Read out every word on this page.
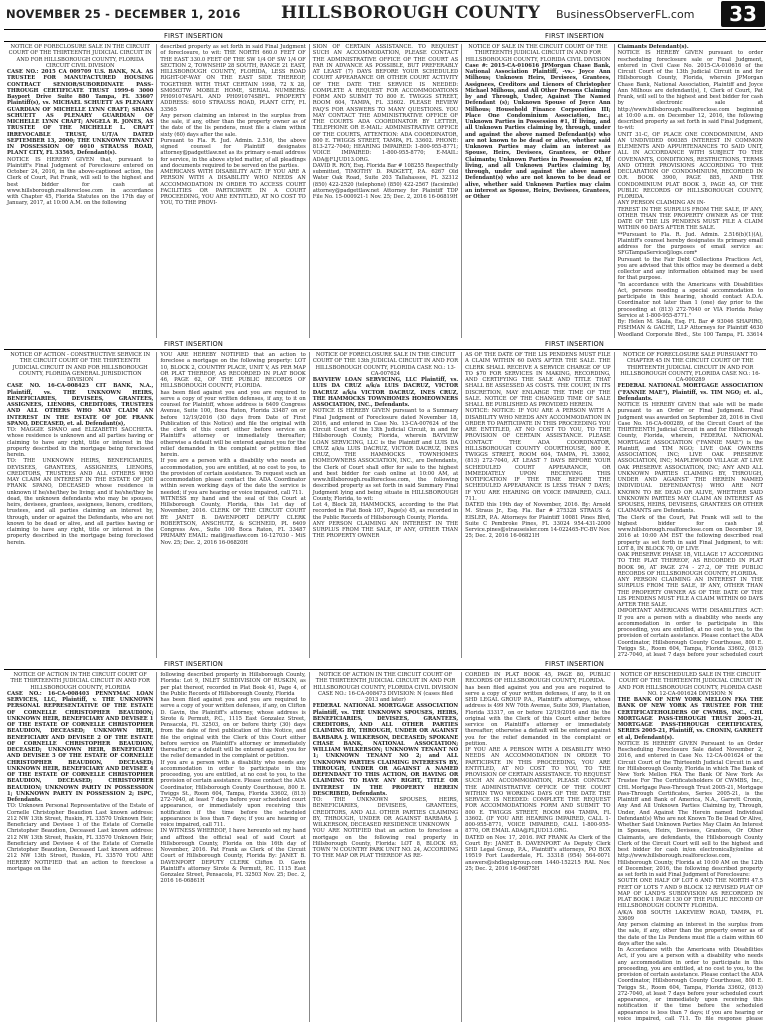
NOVEMBER 25 - DECEMBER 1, 2016 HILLSBOROUGH COUNTY BusinessObserverFL.com	33
FIRST INSERTION	FIRST INSERTION

NOTICE OF FORECLOSURE SALE IN THE CIRCUIT COURT OF THE THIRTEENTH JUDICIAL CIRCUIT IN AND FOR HILLSBOROUGH COUNTY, FLORIDA CIRCUIT CIVIL DIVISION

CASE NO.: 2015 CA 009709 U.S. BANK, N.A. AS TRUSTEE FOR MANUFACTURED HOUSING CONTRACT SENIOR/SUBORDINATE PASS-THROUGH CERTIFICATE TRUST 1999-6 3000 Bayport Drive Suite 880 Tampa, FL 33607 Plaintiff(s), vs. MICHAEL SCHUETT AS PLENARY GUARDIAN OF MICHELLE LYNN CRAFT; SHANA SCHUETT AS PLENARY GUARDIAN OF MICHELLE LYNN CRAFT; ANGELA R. JONES, AS TRUSTEE OF THE MICHELLE L. CRAFT IRREVOCABLE TRUST, U/T/A DATED SEPTEMBER 13, 2000; THE UNKNOWN TENANT IN POSSESSION OF 6010 STRAUSS ROAD, PLANT CITY, FL 33565, Defendant(s).

NOTICE IS HEREBY GIVEN that, pursuant to Plaintiff's Final Judgment of Foreclosure entered on October 24, 2016, in the above-captioned action, the Clerk of Court, Pat Frank, will sell to the highest and best bidder for cash at www.hillsborough.realforeclose.com in accordance with Chapter 45, Florida Statutes on the 17th day of January, 2017, at 10:00 A.M. on the following

described property as set forth in said Final Judgment of foreclosure, to wit: THE NORTH 660.0 FEET OF THE EAST 330.0 FEET OF THE SW 1/4 OF SW 1/4 OF SECTION 2, TOWNSHIP 28 SOUTH, RANGE 21 EAST, HILLSBOROUGH COUNTY, FLORIDA, LESS ROAD RIGHT-OF-WAY ON THE EAST SIDE THEREOF, TOGETHER WITH THAT CERTAIN 1998, 72 X 28, SM0563TW MOBILE HOME, SERIAL NUMBERS: PH091074SAFL AND PH091074SBFL. PROPERTY ADDRESS: 6010 STRAUSS ROAD, PLANT CITY, FL 33565

Any person claiming an interest in the surplus from the sale, if any, other than the property owner as of the date of the lis pendens, must file a claim within sixty (60) days after the sale.

Pursuant to Fla. R. Jud. Admin. 2.516, the above signed counsel for Plaintiff designates attorney@padgettlaw.net as its primary e-mail address for service, in the above styled matter, of all pleadings and documents required to be served on the parties.

AMERICANS WITH DISABILITY ACT: IF YOU ARE A PERSON WITH A DISABILITY WHO NEEDS AN ACCOMMODATION IN ORDER TO ACCESS COURT FACILITIES OR PARTICIPATE IN A COURT PROCEEDING, YOU ARE ENTITLED, AT NO COST TO YOU, TO THE PROVI-

SION OF CERTAIN ASSISTANCE. TO REQUEST SUCH AN ACCOMMODATION, PLEASE CONTACT THE ADMINISTRATIVE OFFICE OF THE COURT AS FAR IN ADVANCE AS POSSIBLE, BUT PREFERABLY AT LEAST (7) DAYS BEFORE YOUR SCHEDULED COURT APPEARANCE OR OTHER COURT ACTIVITY OF THE DATE THE SERVICE IS NEEDED: COMPLETE A REQUEST FOR ACCOMMODATIONS FORM AND SUBMIT TO 800 E. TWIGGS STREET, ROOM 604, TAMPA, FL 33602. PLEASE REVIEW FAQ'S FOR ANSWERS TO MANY QUESTIONS. YOU MAY CONTACT THE ADMINISTRATIVE OFFICE OF THE COURTS ADA COORDINATOR BY LETTER, TELEPHONE OR E-MAIL: ADMINISTRATIVE OFFICE OF THE COURTS, ATTENTION: ADA COORDINATOR, 800 E. TWIGGS STREET, TAMPA, FL 33602. PHONE: 813-272-7040; HEARING IMPAIRED: 1-800-955-8771; VOICE IMPAIRED: 1-800-955-8770; E-MAIL: ADA@FLJUD13.ORG.

DAVID R. ROY, Esq. Florida Bar # 108255 Respectfully submitted, TIMOTHY D. PADGETT, P.A. 6267 Old Water Oak Road, Suite 203 Tallahassee, FL 32312 (850) 422-2520 (telephone) (850) 422-2567 (facsimile) attorney@padgettlaw.net Attorney for Plaintiff TDP File No. 15-000921-1 Nov. 25; Dec. 2, 2016 16-06819H

NOTICE OF SALE IN THE CIRCUIT COURT OF THE THIRTEENTH JUDICIAL CIRCUIT IN AND FOR HILLSBOROUGH COUNTY, FLORIDA CIVIL DIVISION

Case #: 2015-CA-010616 JPMorgan Chase Bank, National Association Plaintiff, -vs.- Joyce Ann Milhous; Unknown Heirs, Devisees, Grantees, Assignees, Creditors and Lienors of Christopher Michael Milhous, and All Other Persons Claiming by and Through, Under, Against The Named Defendant (s); Unknown Spouse of Joyce Ann Milhous; Household Finance Corporation III; Place One Condominium Association, Inc.; Unknown Parties in Possession #1, If living, and all Unknown Parties claiming by, through, under and against the above named Defendant(s) who are not known to be dead or alive, whether said Unknown Parties may claim an interest as Spouse, Heirs, Devisees, Grantees, or Other Claimants; Unknown Parties in Possession #2, If living, and all Unknown Parties claiming by, through, under and against the above named Defendant(s) who are not known to be dead or alive, whether said Unknown Parties may claim an interest as Spouse, Heirs, Devisees, Grantees, or Other

Claimants Defendant(s).

NOTICE IS HEREBY GIVEN pursuant to order rescheduling foreclosure sale or Final Judgment, entered in Civil Case No. 2015-CA-010616 of the Circuit Court of the 13th Judicial Circuit in and for Hillsborough County, Florida, wherein JPMorgan Chase Bank, National Association, Plaintiff and Joyce Ann Milhous are defendant(s), I, Clerk of Court, Pat Frank, will sell to the highest and best bidder for cash by electronic sale at http://www.hillsborough.realforeclose.com beginning at 10:00 a.m. on December 12, 2016, the following described property as set forth in said Final Judgment, to-wit:

UNIT 31-C, OF PLACE ONE CONDOMINIUM, AND AN UNDIVIDED 000385 INTEREST IN COMMON ELEMENTS AND APPURTENANCES TO SAID UNIT, ALL IN ACCORDANCE WITH SUBJECT TO THE COVENANTS, CONDITIONS, RESTRICTIONS, TERMS AND OTHER PROVISIONS ACCORDING TO THE DECLARATION OF CONDOMINIUM, RECORDED IN O.R. BOOK 3900, PAGE 885, AND THE CONDOMINIUM PLAT BOOK 3, PAGE 45, OF THE PUBLIC RECORDS OF HILLSBOROUGH COUNTY, FLORIDA.

ANY PERSON CLAIMING AN IN-

TEREST IN THE SURPLUS FROM THE SALE, IF ANY, OTHER THAN THE PROPERTY OWNER AS OF THE DATE OF THE LIS PENDENS MUST FILE A CLAIM WITHIN 60 DAYS AFTER THE SALE.

**Pursuant to Fla. R. Jud. Admin. 2.516(b)(1)(A), Plaintiff's counsel hereby designates its primary email address for the purposes of email service as: SFGTampaService@logs.com*

Pursuant to the Fair Debt Collections Practices Act, you are advised that this office may be deemed a debt collector and any information obtained may be used for that purpose.

"In accordance with the Americans with Disabilities Act, persons needing a special accommodation to participate in this hearing, should contact A.D.A. Coordinator not later than 1 (one) day prior to the proceeding at (813) 272-7040 or VIA Florida Relay Service at 1-800-955-8771."

By: Helen M. Skala, Esq. FL Bar # 93046 SHAPIRO, FISHMAN & GACHE, LLP Attorneys for Plaintiff 4630 Woodland Corporate Blvd., Ste 100 Tampa, FL 33614

FIRST INSERTION	FIRST INSERTION

NOTICE OF ACTION - CONSTRUCTIVE SERVICE IN THE CIRCUIT COURT OF THE THIRTEENTH JUDICIAL CIRCUIT IN AND FOR HILLSBOROUGH COUNTY, FLORIDA GENERAL JURISDICTION DIVISION

CASE NO. 16-CA-008423 CIT BANK, N.A., Plaintiff, vs. THE UNKNOWN HEIRS, BENEFICIARIES, DEVISEES, GRANTEES, ASSIGNEES, LIENORS, CREDITORS, TRUSTEES AND ALL OTHERS WHO MAY CLAIM AN INTEREST IN THE ESTATE OF JOE FRANK SPANO, DECEASED, et. al. Defendant(s),

TO: MAGGIE SPANO and ELIZABETH SACCHETA. whose residence is unknown and all parties having or claiming to have any right, title or interest in the property described in the mortgage being foreclosed herein.

TO: THE UNKNOWN HEIRS, BENEFICIARIES, DEVISEES, GRANTEES, ASSIGNEES, LIENORS, CREDITORS, TRUSTEES AND ALL OTHERS WHO MAY CLAIM AN INTEREST IN THE ESTATE OF JOE FRANK SPANO, DECEASED whose residence is unknown if he/she/they be living; and if he/she/they be dead, the unknown defendants who may be spouses, heirs, devisees, grantees, assignees, lienors, creditors, trustees, and all parties claiming an interest by, through, under or against the Defendants, who are not known to be dead or alive, and all parties having or claiming to have any right, title or interest in the property described in the mortgage being foreclosed herein.

YOU ARE HEREBY NOTIFIED that an action to foreclose a mortgage on the following property: LOT 10, BLOCK 2, COUNTRY PLACE, UNIT V, AS PER MAP OR PLAT THEREOF, AS RECORDED IN PLAT BOOK 46, PAGE 62, OF THE PUBLIC RECORDS OF HILLSBOROUGH COUNTY, FLORIDA.

has been filed against you and you are required to serve a copy of your written defenses, if any, to it on counsel for Plaintiff, whose address is 6409 Congress Avenue, Suite 100, Boca Raton, Florida 33487 on or before 12/19/2016 (30 days from Date of First Publication of this Notice) and file the original with the clerk of this court either before service on Plaintiff's attorney or immediately thereafter; otherwise a default will be entered against you for the relief demanded in the complaint or petition filed herein.

If you are a person with a disability who needs an accommodation, you are entitled, at no cost to you, to the provision of certain assistance. To request such an accommodation please contact the ADA Coordinator within seven working days of the date the service is needed; if you are hearing or voice impaired, call 711.

WITNESS my hand and the seal of this Court at Hillsborough County, Florida, this 1st day of November, 2016. CLERK OF THE CIRCUIT COURT BY: JANET B. DAVENPORT DEPUTY CLERK ROBERTSON, ANSCHUTZ, & SCHNEID, PL 6409 Congress Ave., Suite 100 Boca Raton, FL 33487 PRIMARY EMAIL: mail@rasflaw.com 16-127030 - MiS Nov. 25; Dec. 2, 2016 16-06820H

NOTICE OF FORECLOSURE SALE IN THE CIRCUIT COURT OF THE 13th JUDICIAL CIRCUIT IN AND FOR HILLSBOROUGH COUNTY, FLORIDA CASE NO.: 13-CA-007624

BAYVIEW LOAN SERVICING, LLC Plaintiff, vs. LUIS DA CRUZ a/k/a LUIS DACRUZ, VICTOR DACRUZ a/k/a VICTOR DACRUZ, INES CRUZ, THE HAMMOCKS TOWNHOMES HOMEOWNERS ASSOCIATION, INC., Defendants.

NOTICE IS HEREBY GIVEN pursuant to a Summary Final Judgment of Foreclosure dated November 18, 2016, and entered in Case No. 13-CA-007624 of the Circuit Court of the 13th Judicial Circuit, in and for Hillsborough County, Florida, wherein BAYVIEW LOAN SERVICING, LLC is the Plaintiff and LUIS DA CRUZ a/k/a LUIS DACRUZ, VICTOR DACRUZ, INES CRUZ, THE HAMMOCKS TOWNHOMES HOMEOWNERS ASSOCIATION, INC., are Defendants, the Clerk of Court shall offer for sale to the highest and best bidder for cash online at 10:00 AM, at www.hillsborough.realforeclose.com, the following described property as set forth in said Summary Final Judgment lying and being situate in HILLSBOROUGH County, Florida, to wit:

Lot 4, Block 28, HAMMOCKS, according to the Plat recorded in Plat Book 107, Page(s) 45, as recorded in the Public Records of Hillsborough County, Florida.

ANY PERSON CLAIMING AN INTEREST IN THE SURPLUS FROM THE SALE, IF ANY, OTHER THAN THE PROPERTY OWNER

AS OF THE DATE OF THE LIS PENDENS MUST FILE A CLAIM WITHIN 60 DAYS AFTER THE SALE. THE CLERK SHALL RECEIVE A SERVICE CHARGE OF UP TO $70 FOR SERVICES IN MAKING, RECORDING, AND CERTIFYING THE SALE AND TITLE THAT SHALL BE ASSESSED AS COSTS. THE COURT, IN ITS DISCRETION, MAY ENLARGE THE TIME OF THE SALE. NOTICE OF THE CHANGED TIME OF SALE SHALL BE PUBLISHED AS PROVIDED HEREIN.

NOTICE: NOTICE: IF YOU ARE A PERSON WITH A DISABILITY WHO NEEDS ANY ACCOMMODATION IN ORDER TO PARTICIPATE IN THIS PROCEEDING YOU ARE ENTITLED, AT NO COST TO YOU, TO THE PROVISION OF CERTAIN ASSISTANCE. PLEASE CONTACT THE ADA COORDINATOR, HILLSBOROUGH COUNTY COURTHOUSE, 800 E. TWIGGS STREET, ROOM 604, TAMPA, FL 33602, (813) 272-7040, AT LEAST 7 DAYS BEFORE YOUR SCHEDULED COURT APPEARANCE, OR IMMEDIATELY UPON RECEIVING THIS NOTIFICATION IF THE TIME BEFORE THE SCHEDULED APPEARANCE IS LESS THAN 7 DAYS; IF YOU ARE HEARING OR VOICE IMPAIRED, CALL 711.

DATED this 19th day of November, 2016. By: Arnold M. Straus Jr., Esq. Fla. Bar # 275328 STRAUS & EISLER, P.A. Attorneys for Plaintiff 10081 Pines Blvd, Suite C Pembroke Pines, FL 33024 954-431-2000 Service.pines@strauseisler.com 14-022465-FC-BV Nov. 25; Dec. 2, 2016 16-06821H

NOTICE OF FORECLOSURE SALE PURSUANT TO CHAPTER 45 IN THE CIRCUIT COURT OF THE THIRTEENTH JUDICIAL CIRCUIT IN AND FOR HILLSBOROUGH COUNTY, FLORIDA CASE NO.: 16-CA-000289

FEDERAL NATIONAL MORTGAGE ASSOCIATION ("FANNIE MAE"), Plaintiff, vs. TIM NGO; et. al., Defendants.

NOTICE IS HEREBY GIVEN that sale will be made pursuant to an Order or Final Judgment. Final Judgment was awarded on September 28, 2016 in Civil Case No. 16-CA-000289, of the Circuit Court of the THIRTEENTH Judicial Circuit in and for Hillsborough County, Florida, wherein, FEDERAL NATIONAL MORTGAGE ASSOCIATION ("FANNIE MAE") is the Plaintiff, and TIM NGO; LIVE OAK OWNERS ASSOCIATION, INC; LIVE OAK PRESERVE ASSOCIATION, INC; MAPLEWOOD VILLAGE AT LIVE OAK PRESERVE ASSOCIATION, INC; ANY AND ALL UNKNOWN PARTIES CLAIMING BY, THROUGH, UNDER AND AGAINST THE HEREIN NAMED INDIVIDUAL DEFENDANT(S) WHO ARE NOT KNOWN TO BE DEAD OR ALIVE, WHETHER SAID UNKNOWN PARTIES MAY CLAIM AN INTEREST AS SPOUSES, HEIRS, DEVISEES, GRANTEES OR OTHER CLAIMANTS are Defendants.

The Clerk of the Court, Pat Frank will sell to the highest bidder for cash at www.hillsborough.realforeclose.com on December 19, 2016 at 10:00 AM EST the following described real property as set forth in said Final Judgment, to wit: LOT 8, IN BLOCK 70, OF LIVE

OAK PRESERVE PHASE 1B, VILLAGE 17 ACCORDING TO THE PLAT THEREOF, AS RECORDED IN PLAT BOOK 96, AT PAGE 274 - 27.2, OF THE PUBLIC RECORDS OF HILLSBOROUGH COUNTY, FLORIDA.

ANY PERSON CLAIMING AN INTEREST IN THE SURPLUS FROM THE SALE, IF ANY, OTHER THAN THE PROPERTY OWNER AS OF THE DATE OF THE LIS PENDENS MUST FILE A CLAIM WITHIN 60 DAYS AFTER THE SALE.

IMPORTANT AMERICANS WITH DISABILITIES ACT: If you are a person with a disability who needs any accommodation in order to participate in this proceeding, you are entitled, at no cost to you, to the provision of certain assistance. Please contact the ADA Coordinator, Hillsborough County Courthouse, 800 E. Twiggs St., Room 604, Tampa, Florida 33602, (813) 272-7040, at least 7 days before your scheduled court

FIRST INSERTION	FIRST INSERTION

NOTICE OF ACTION IN THE CIRCUIT COURT OF THE THIRTEENTH JUDICIAL CIRCUIT IN AND FOR HILLSBOROUGH COUNTY, FLORIDA

CASE NO.: 16-CA-008403 PENNYMAC LOAN SERVICES, LLC, Plaintiff, v. THE UNKNOWN PERSONAL REPRESENTATIVE OF THE ESTATE OF CORNELLE CHRISTOPHER BEAUDION; UNKNOWN HEIR, BENEFICIARY AND DEVISEE 1 OF THE ESTATE OF CORNELLE CHRISTOPHER BEAUDION, DECEASED; UNKNOWN HEIR, BENEFICIARY AND DEVISEE 2 OF THE ESTATE OF CORNELLE CHRISTOPHER BEAUDION, DECEASED; UNKNOWN HEIR, BENEFICIARY AND DEVISEE 3 OF THE ESTATE OF CORNELLE CHRISTOPHER BEAUDION, DECEASED; UNKNOWN HEIR, BENEFICIARY AND DEVISEE 4 OF THE ESTATE OF CORNELLE CHRISTOPHER BEAUDION, DECEASED; CHRISTOPHER BEAUDION; UNKNOWN PARTY IN POSSESSION 1; UNKNOWN PARTY IN POSSESSION 2; ISPC, Defendants.

TO: Unknown Personal Representative of the Estate of Cornelle Christopher Beaudion Last known address: 212 NW 13th Street, Ruskin, FL 33570 Unknown Heir, Beneficiary and Devisee 1 of the Estate of Cornelle Christopher Beaudion, Deceased Last known address: 212 NW 13th Street, Ruskin, FL 33570 Unknown Heir, Beneficiary and Devisee 4 of the Estate of Cornelle Christopher Beaudion, Deceased Last known address: 212 NW 13th Street, Ruskin, FL 33570 YOU ARE HEREBY NOTIFIED that an action to foreclose a mortgage on the

following described property in Hillsborough County, Florida: Lot 9, INLET SUBDIVISION OF RUSKIN, as per plat thereof, recorded in Plat Book 41, Page 4, of the Public Records of Hillsborough County, Florida

has been filed against you and you are required to serve a copy of your written defenses, if any, on Clifton D. Gavin, the Plaintiff's attorney, whose address is Sirote & Permutt, P.C., 1115 East Gonzalez Street, Pensacola, FL 32503, on or before thirty (30) days from the date of first publication of this Notice, and file the original with the Clerk of this Court either before service on Plaintiff's attorney or immediately thereafter; or a default will be entered against you for the relief demanded in the complaint or petition.

If you are a person with a disability who needs any accommodation in order to participate in this proceeding, you are entitled, at no cost to you, to the provision of certain assistance. Please contact the ADA Coordinator, Hillsborough County Courthouse, 800 E. Twiggs St., Room 604, Tampa, Florida 33602, (813) 272-7040, at least 7 days before your scheduled court appearance, or immediately upon receiving this notification if the time before the scheduled appearance is less than 7 days; if you are hearing or voice impaired, call 711.

IN WITNESS WHEREOF, I have hereunto set my hand and affixed the official seal of said Court at Hillsborough County, Florida on this 16th day of November, 2016. Pat Frank as Clerk of the Circuit Court of Hillsborough County, Florida By: JANET B. DAVENPORT DEPUTY CLERK Clifton D. Gavin Plaintiff's attorney Sirote & Permutt, P.C. 1115 East Gonzalez Street, Pensacola, FL 32503 Nov. 25; Dec. 2, 2016 16-06861H

NOTICE OF ACTION IN THE CIRCUIT COURT OF THE THIRTEENTH JUDICIAL CIRCUIT IN AND FOR HILLSBOROUGH COUNTY, FLORIDA CIVIL DIVISION CASE NO.: 16-CA-008473 DIVISION: N (cases filed 2013 and later)

FEDERAL NATIONAL MORTGAGE ASSOCIATION Plaintiff, vs. THE UNKNOWN SPOUSES, HEIRS, BENEFICIARIES, DEVISEES, GRANTEES, CREDITORS, AND ALL OTHER PARTIES CLAIMING BY, THROUGH, UNDER OR AGAINST BARBARA J. WILKERSON, DECEASED; SPOKANE CHASE BANK, NATIONAL ASSOCIATION; WILLIAM WILKERSON; UNKNOWN TENANT NO 1; UNKNOWN TENANT NO 2; and ALL UNKNOWN PARTIES CLAIMING INTERESTS BY, THROUGH, UNDER OR AGAINST A NAMED DEFENDANT TO THIS ACTION, OR HAVING OR CLAIMING TO HAVE ANY RIGHT, TITLE OR INTEREST IN THE PROPERTY HEREIN DESCRIBED, Defendants.

TO: THE UNKNOWN SPOUSES, HEIRS, BENEFICIARIES, DEVISEES, GRANTEES, CREDITORS, AND ALL OTHER PARTIES CLAIMING BY, THROUGH, UNDER OR AGAINST BARBARA J. WILKERSON, DECEASED RESIDENCE UNKNOWN

YOU ARE NOTIFIED that an action to foreclose a mortgage on the following real property in Hillsborough County, Florida: LOT 8, BLOCK 65, TOWN 'N COUNTRY PARK UNIT NO. 24, ACCORDING TO THE MAP OR PLAT THEREOF AS RE-

CORDED IN PLAT BOOK 45, PAGE 80, PUBLIC RECORDS OF HILLSBOROUGH COUNTY, FLORIDA.

has been filed against you and you are required to serve a copy of your written defenses, if any, to it on SHD LEGAL GROUP P.A., Plaintiff's attorneys, whose address is 499 NW 70th Avenue, Suite 309, Plantation, Florida 33317, on or before 12/19/2016 and file the original with the Clerk of this Court either before service on Plaintiff's attorney or immediately thereafter; otherwise a default will be entered against you for the relief demanded in the complaint or petition.

IF YOU ARE A PERSON WITH A DISABILITY WHO NEEDS AN ACCOMMODATION IN ORDER TO PARTICIPATE IN THIS PROCEEDING, YOU ARE ENTITLED, AT NO COST TO YOU, TO THE PROVISION OF CERTAIN ASSISTANCE. TO REQUEST SUCH AN ACCOMMODATION, PLEASE CONTACT THE ADMINISTRATIVE OFFICE OF THE COURT WITHIN TWO WORKING DAYS OF THE DATE THE SERVICE IS NEEDED: COMPLETE THE REQUEST FOR ACCOMMODATIONS FORM AND SUBMIT TO 800 E. TWIGGS STREET, ROOM 604 TAMPA, FL 33602. (IF YOU ARE HEARING IMPAIRED, CALL 1-800-955-8771, VOICE IMPAIRED, CALL 1-800-955-8770, OR EMAIL ADA@FLJUD13.ORG.

DATED on Nov. 17, 2016. PAT FRANK As Clerk of the Court By: JANET B. DAVENPORT As Deputy Clerk SHD Legal Group, P.A., Plaintiff's attorneys, PO BOX 19519 Fort Lauderdale, FL 33318 (954) 564-0071 answers@shdlegalgroup.com 1440-152215 RAL Nov. 25; Dec. 2, 2016 16-06875H

NOTICE OF RESCHEDULED SALE IN THE CIRCUIT COURT OF THE THIRTEENTH JUDICIAL CIRCUIT IN AND FOR HILLSBOROUGH COUNTY, FLORIDA CASE NO. 12-CA-001624 DIVISION: N

THE BANK OF NEW YORK MELLON FKA THE BANK OF NEW YORK AS TRUSTEE FOR THE CERTIFICATEHOLDERS OF CWMBS, INC., CHL MORTGAGE PASS-THROUGH TRUST 2005-21, MORTGAGE PASS-THROUGH CERTIFICATES, SERIES 2005-21, Plaintiff, vs. CRONIN, GARRETT et al, Defendant(s).

NOTICE IS HEREBY GIVEN Pursuant to an Order Rescheduling Foreclosure Sale dated November 2, 2016, and entered in Case No. 12-CA-001624 of the Circuit Court of the Thirteenth Judicial Circuit in and for Hillsborough County, Florida in which The Bank of New York Mellon FKA The Bank Of New York As Trustee For The Certificateholders Of CWMBS, Inc., CHL Mortgage Pass-Through Trust 2005-21, Mortgage Pass-Through Certificates, Series 2005-21, is the Plaintiff and Bank of America, N.A., Garrett Cronin, Any And All Unknown Parties Claiming by, Through, Under, And Against The Herein named Individual Defendant(s) Who are not Known To Be Dead Or Alive, Whether Said Unknown Parties May Claim An Interest in Spouses, Heirs, Devisees, Grantees, Or Other Claimants, are defendants, the Hillsborough County Clerk of the Circuit Court will sell to the highest and best bidder for cash in/on electronically/online at http://www.hillsborough.realforeclose.com, Hillsborough County, Florida at 10:00 AM on the 12th of December, 2016, the following described property as set forth in said Final Judgment of Foreclosure:

SOUTH ONE HALF OF LOT 6 AND THE NORTH 47.5 FEET OF LOTS 7 AND 9 BLOCK 12 REVISED PLAT OF MAP OF LAND'S SUBDIVISION AS RECORDED IN PLAT BOOK 1 PAGE 130 OF THE PUBLIC RECORD OF HILLSBOROUGH COUNTY FLORIDA.

A/K/A 808 SOUTH LAKEVIEW ROAD, TAMPA, FL 33609

Any person claiming an interest in the surplus from the sale, if any, other than the property owner as of the date of the Lis Pendens must file a claim within 60 days after the sale.

In Accordance with the Americans with Disabilities Act, if you are a person with a disability who needs any accommodation in order to participate in this proceeding, you are entitled, at no cost to you, to the provision of certain assistance. Please contact the ADA Coordinator, Hillsborough County Courthouse, 800 E. Twiggs St., Room 604, Tampa, Florida 33602, (813) 272-7040, at least 7 days before your scheduled court appearance, or immediately upon receiving this notification if the time before the scheduled appearance is less than 7 days; if you are hearing or voice impaired, call 711. To file response please
